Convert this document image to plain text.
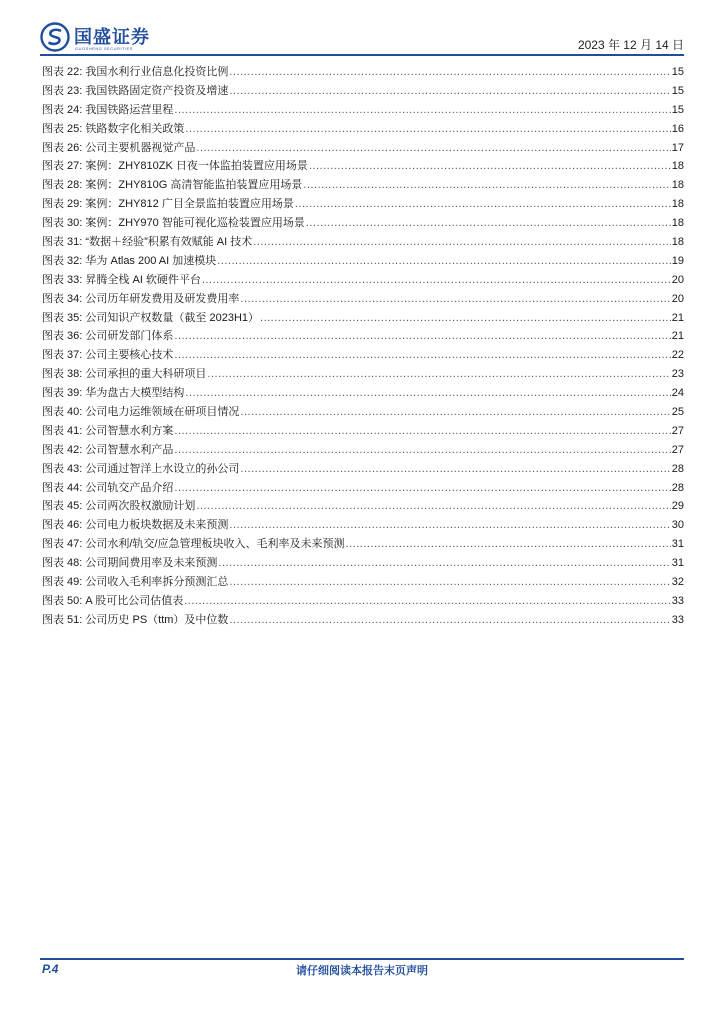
国盛证券
GUOSHENG SECURITIES	2023 年 12 月 14 日
图表 22:
我国水利行业信息化投资比例 .....	15
图表 23:
我国铁路固定资产投资及增速 .....	15
图表 24:
我国铁路运营里程 .....	15
图表 25:
铁路数字化相关政策 .....	16
图表 26:
公司主要机器视觉产品 .....	17
图表 27:
案例：ZHY810ZK 日夜一体监拍装置应用场景 .....	18
图表 28:
案例：ZHY810G 高清智能监拍装置应用场景 .....	18
图表 29:
案例：ZHY812 广目全景监拍装置应用场景 .....	18
图表 30:
案例：ZHY970 智能可视化巡检装置应用场景 .....	18
图表 31:
“数据＋经验”积累有效赋能 AI 技术 .....	18
图表 32:
华为 Atlas 200 AI 加速模块 .....	19
图表 33:
昇腾全栈 AI 软硬件平台 .....	20
图表 34:
公司历年研发费用及研发费用率 .....	20
图表 35:
公司知识产权数量（截至 2023H1） .....	21
图表 36:
公司研发部门体系 .....	21
图表 37:
公司主要核心技术 .....	22
图表 38:
公司承担的重大科研项目 .....	23
图表 39:
华为盘古大模型结构 .....	24
图表 40:
公司电力运维领域在研项目情况 .....	25
图表 41:
公司智慧水利方案 .....	27
图表 42:
公司智慧水利产品 .....	27
图表 43:
公司通过智洋上水设立的孙公司 .....	28
图表 44:
公司轨交产品介绍 .....	28
图表 45:
公司两次股权激励计划 .....	29
图表 46:
公司电力板块数据及未来预测 .....	30
图表 47:
公司水利/轨交/应急管理板块收入、毛利率及未来预测 .....	31
图表 48:
公司期间费用率及未来预测 .....	31
图表 49:
公司收入毛利率拆分预测汇总 .....	32
图表 50:
A 股可比公司估值表 .....	33
图表 51:
公司历史 PS（ttm）及中位数 .....	33
P.4	请仔细阅读本报告末页声明
